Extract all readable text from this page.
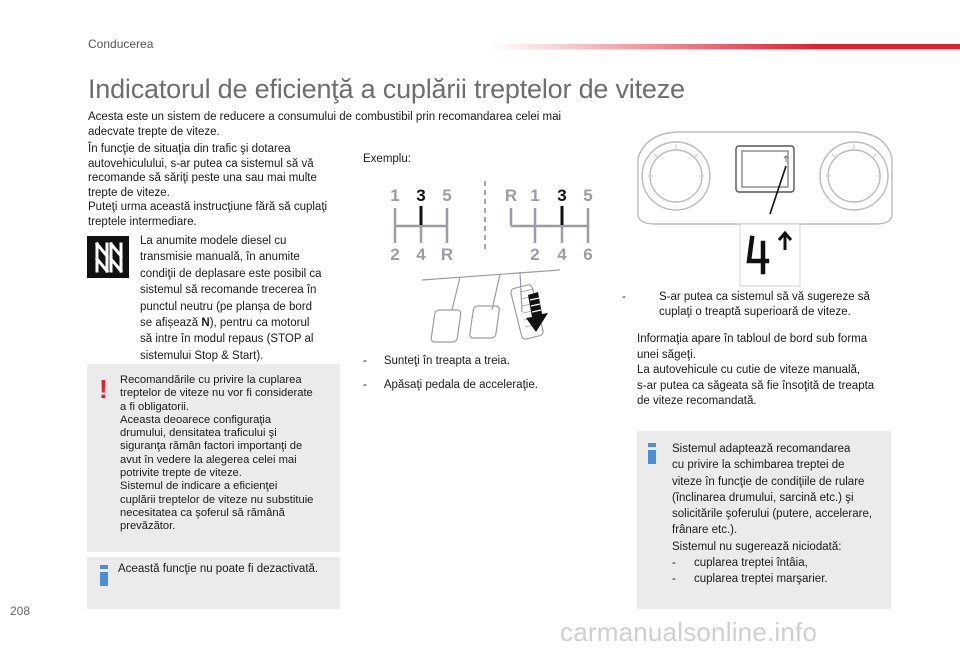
Conducerea
Indicatorul de eficienţă a cuplării treptelor de viteze
Acesta este un sistem de reducere a consumului de combustibil prin recomandarea celei mai adecvate trepte de viteze.
În funcţie de situaţia din trafic şi dotarea
autovehiculului, s-ar putea ca sistemul să vă
recomande să săriţi peste una sau mai multe
trepte de viteze.
Puteţi urma această instrucţiune fără să cuplaţi
treptele intermediare.
N
La anumite modele diesel cu
transmisie manuală, în anumite
condiţii de deplasare este posibil ca
sistemul să recomande trecerea în
punctul neutru (pe planșa de bord
se afișează N), pentru ca motorul
să intre în modul repaus (STOP al
sistemului Stop & Start).
! Recomandările cu privire la cuplarea
treptelor de viteze nu vor fi considerate
a fi obligatorii.
Aceasta deoarece configuraţia
drumului, densitatea traficului şi
siguranţa rămân factori importanţi de
avut în vedere la alegerea celei mai
potrivite trepte de viteze.
Sistemul de indicare a eficienţei
cuplării treptelor de viteze nu substituie
necesitatea ca şoferul să rămână
prevăzător.
Această funcţie nu poate fi dezactivată.
Exemplu:
1 3 5
2 4 R
R 1 3 5
2 4 6
- Sunteţi în treapta a treia.
- Apăsaţi pedala de acceleraţie.
4
-	S-ar putea ca sistemul să vă sugereze să
cuplaţi o treaptă superioară de viteze.
Informaţia apare în tabloul de bord sub forma
unei săgeţi.
La autovehicule cu cutie de viteze manuală,
s-ar putea ca săgeata să fie însoţită de treapta
de viteze recomandată.
Sistemul adaptează recomandarea
cu privire la schimbarea treptei de
viteze în funcţie de condiţiile de rulare
(înclinarea drumului, sarcină etc.) şi
solicitările şoferului (putere, accelerare,
frânare etc.).
Sistemul nu sugerează niciodată:
- cuplarea treptei întâia,
- cuplarea treptei marşarier.
208
carmanualsonline.info
